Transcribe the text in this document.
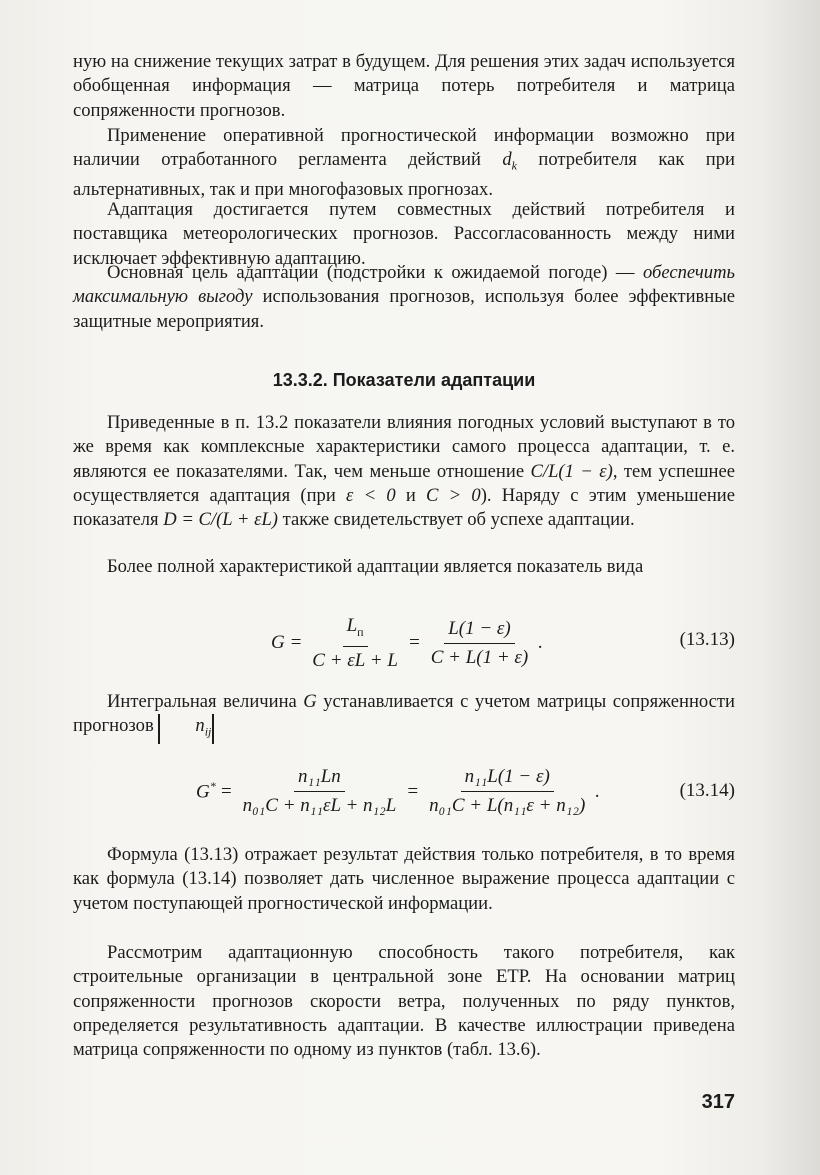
ную на снижение текущих затрат в будущем. Для решения этих задач используется обобщенная информация — матрица потерь потребителя и матрица сопряженности прогнозов.

Применение оперативной прогностической информации возможно при наличии отработанного регламента действий $d_k$ потребителя как при альтернативных, так и при многофазовых прогнозах.

Адаптация достигается путем совместных действий потребителя и поставщика метеорологических прогнозов. Рассогласованность между ними исключает эффективную адаптацию.

Основная цель адаптации (подстройки к ожидаемой погоде) — обеспечить максимальную выгоду использования прогнозов, используя более эффективные защитные мероприятия.

13.3.2. Показатели адаптации

Приведенные в п. 13.2 показатели влияния погодных условий выступают в то же время как комплексные характеристики самого процесса адаптации, т. е. являются ее показателями. Так, чем меньше отношение C/L(1 − ε), тем успешнее осуществляется адаптация (при ε < 0 и C > 0). Наряду с этим уменьшение показателя D = C/(L + εL) также свидетельствует об успехе адаптации.

Более полной характеристикой адаптации является показатель вида

$G = \frac{L_п}{C + \varepsilon L + L} = \frac{L(1 - \varepsilon)}{C + L(1 + \varepsilon)}$ .	(13.13)

Интегральная величина G устанавливается с учетом матрицы сопряженности прогнозов $n_{ij}$

$G^* = \frac{\text{n₁₁Lп}}{\text{n₀₁C + n₁₁εL + n₁₂L}} = \frac{\text{n₁₁L(1 − ε)}}{\text{n₀₁C + L(n₁₁ε + n₁₂)}}$ .	(13.14)

Формула (13.13) отражает результат действия только потребителя, в то время как формула (13.14) позволяет дать численное выражение процесса адаптации с учетом поступающей прогностической информации.

Рассмотрим адаптационную способность такого потребителя, как строительные организации в центральной зоне ЕТР. На основании матриц сопряженности прогнозов скорости ветра, полученных по ряду пунктов, определяется результативность адаптации. В качестве иллюстрации приведена матрица сопряженности по одному из пунктов (табл. 13.6).

317
